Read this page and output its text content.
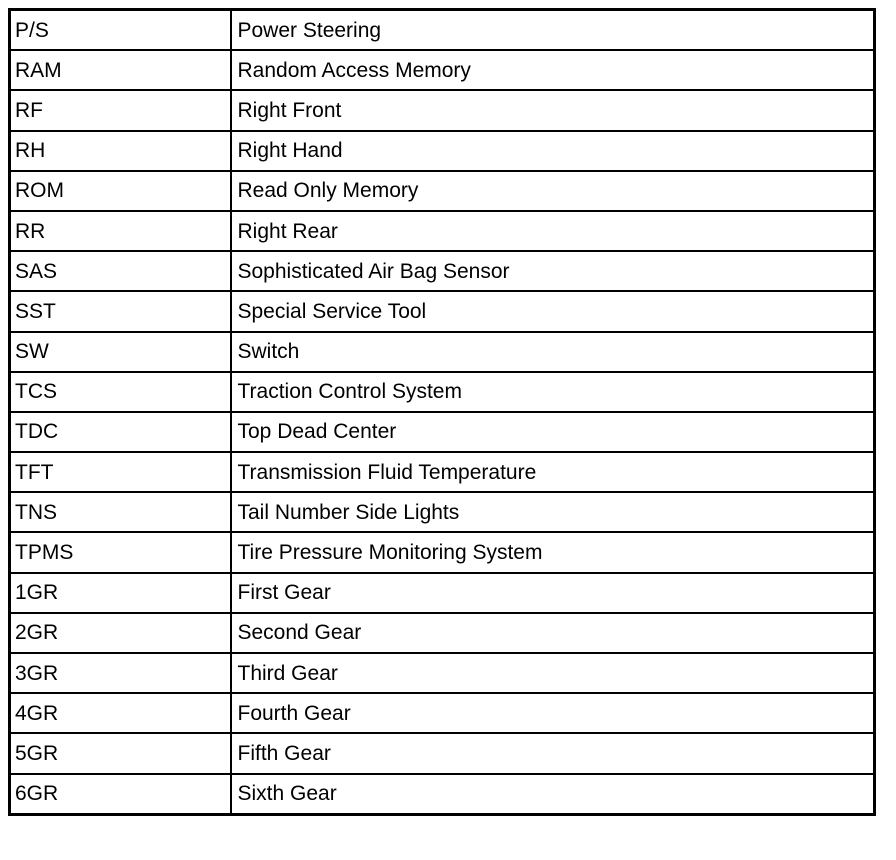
P/S	Power Steering
RAM	Random Access Memory
RF	Right Front
RH	Right Hand
ROM	Read Only Memory
RR	Right Rear
SAS	Sophisticated Air Bag Sensor
SST	Special Service Tool
SW	Switch
TCS	Traction Control System
TDC	Top Dead Center
TFT	Transmission Fluid Temperature
TNS	Tail Number Side Lights
TPMS	Tire Pressure Monitoring System
1GR	First Gear
2GR	Second Gear
3GR	Third Gear
4GR	Fourth Gear
5GR	Fifth Gear
6GR	Sixth Gear
